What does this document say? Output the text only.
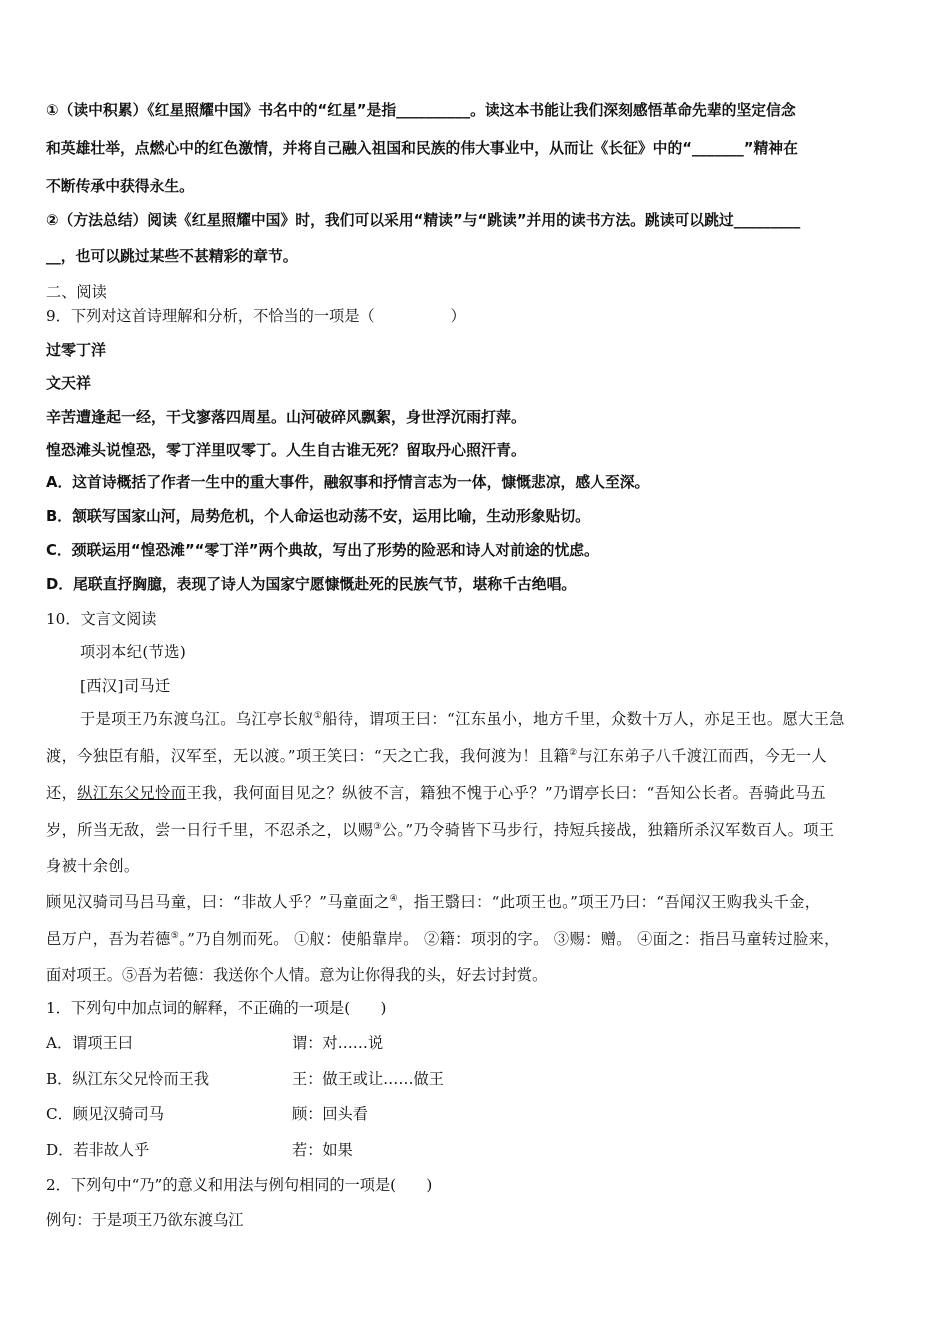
①（读中积累）《红星照耀中国》书名中的“红星”是指__________。读这本书能让我们深刻感悟革命先辈的坚定信念
和英雄壮举，点燃心中的红色激情，并将自己融入祖国和民族的伟大事业中，从而让《长征》中的“_______”精神在
不断传承中获得永生。
②（方法总结）阅读《红星照耀中国》时，我们可以采用“精读”与“跳读”并用的读书方法。跳读可以跳过_________
__，也可以跳过某些不甚精彩的章节。
二、阅读
9．下列对这首诗理解和分析，不恰当的一项是（　　　　　）
过零丁洋
文天祥
辛苦遭逢起一经，干戈寥落四周星。山河破碎风飘絮，身世浮沉雨打萍。
惶恐滩头说惶恐，零丁洋里叹零丁。人生自古谁无死？留取丹心照汗青。
A．这首诗概括了作者一生中的重大事件，融叙事和抒情言志为一体，慷慨悲凉，感人至深。
B．颔联写国家山河，局势危机，个人命运也动荡不安，运用比喻，生动形象贴切。
C．颈联运用“惶恐滩”“零丁洋”两个典故，写出了形势的险恶和诗人对前途的忧虑。
D．尾联直抒胸臆，表现了诗人为国家宁愿慷慨赴死的民族气节，堪称千古绝唱。
10．文言文阅读
项羽本纪(节选)
[西汉]司马迁
于是项王乃东渡乌江。乌江亭长舣①船待，谓项王曰：“江东虽小，地方千里，众数十万人，亦足王也。愿大王急
渡，今独臣有船，汉军至，无以渡。”项王笑曰：“天之亡我，我何渡为！且籍②与江东弟子八千渡江而西，今无一人
还，纵江东父兄怜而王我，我何面目见之？纵彼不言，籍独不愧于心乎？”乃谓亭长曰：“吾知公长者。吾骑此马五
岁，所当无敌，尝一日行千里，不忍杀之，以赐③公。”乃令骑皆下马步行，持短兵接战，独籍所杀汉军数百人。项王
身被十余创。
顾见汉骑司马吕马童，曰：“非故人乎？”马童面之④，指王翳曰：“此项王也。”项王乃曰：“吾闻汉王购我头千金，
邑万户，吾为若德⑤。”乃自刎而死。 ①舣：使船靠岸。 ②籍：项羽的字。 ③赐：赠。 ④面之：指吕马童转过脸来，
面对项王。⑤吾为若德：我送你个人情。意为让你得我的头，好去讨封赏。
1．下列句中加点词的解释，不正确的一项是(　　)
A．谓项王曰	谓：对……说
B．纵江东父兄怜而王我	王：做王或让……做王
C．顾见汉骑司马	顾：回头看
D．若非故人乎	若：如果
2．下列句中“乃”的意义和用法与例句相同的一项是(　　)
例句：于是项王乃欲东渡乌江
